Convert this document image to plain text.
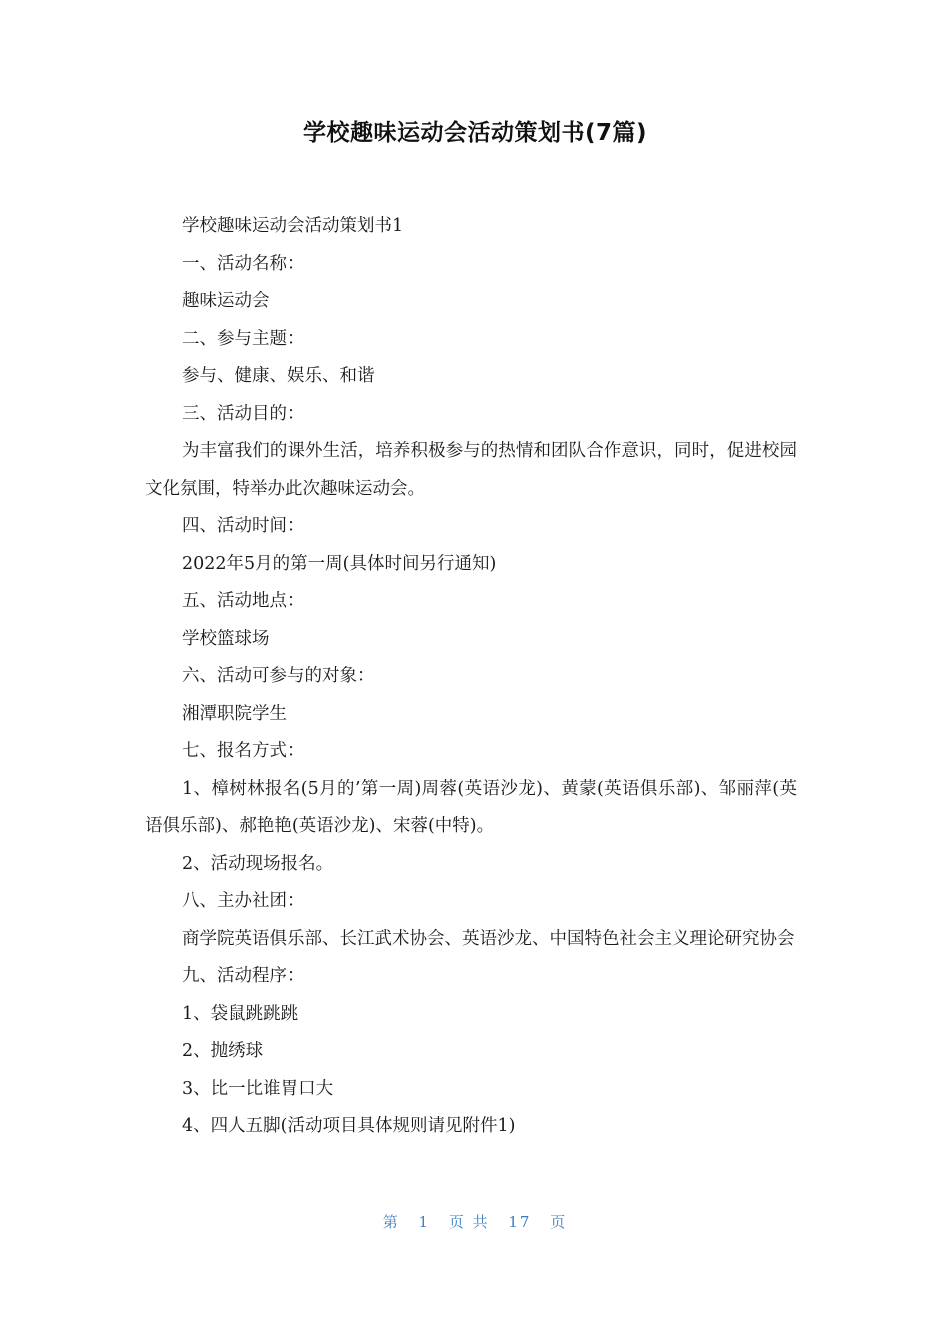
学校趣味运动会活动策划书(7篇)

学校趣味运动会活动策划书1

一、活动名称：

趣味运动会

二、参与主题：

参与、健康、娱乐、和谐

三、活动目的：

为丰富我们的课外生活，培养积极参与的热情和团队合作意识，同时，促进校园文化氛围，特举办此次趣味运动会。

四、活动时间：

2022年5月的第一周(具体时间另行通知)

五、活动地点：

学校篮球场

六、活动可参与的对象：

湘潭职院学生

七、报名方式：

1、樟树林报名(5月的’第一周)周蓉(英语沙龙)、黄蒙(英语俱乐部)、邹丽萍(英语俱乐部)、郝艳艳(英语沙龙)、宋蓉(中特)。

2、活动现场报名。

八、主办社团：

商学院英语俱乐部、长江武术协会、英语沙龙、中国特色社会主义理论研究协会

九、活动程序：

1、袋鼠跳跳跳

2、抛绣球

3、比一比谁胃口大

4、四人五脚(活动项目具体规则请见附件1)

第 1 页 共 17 页
